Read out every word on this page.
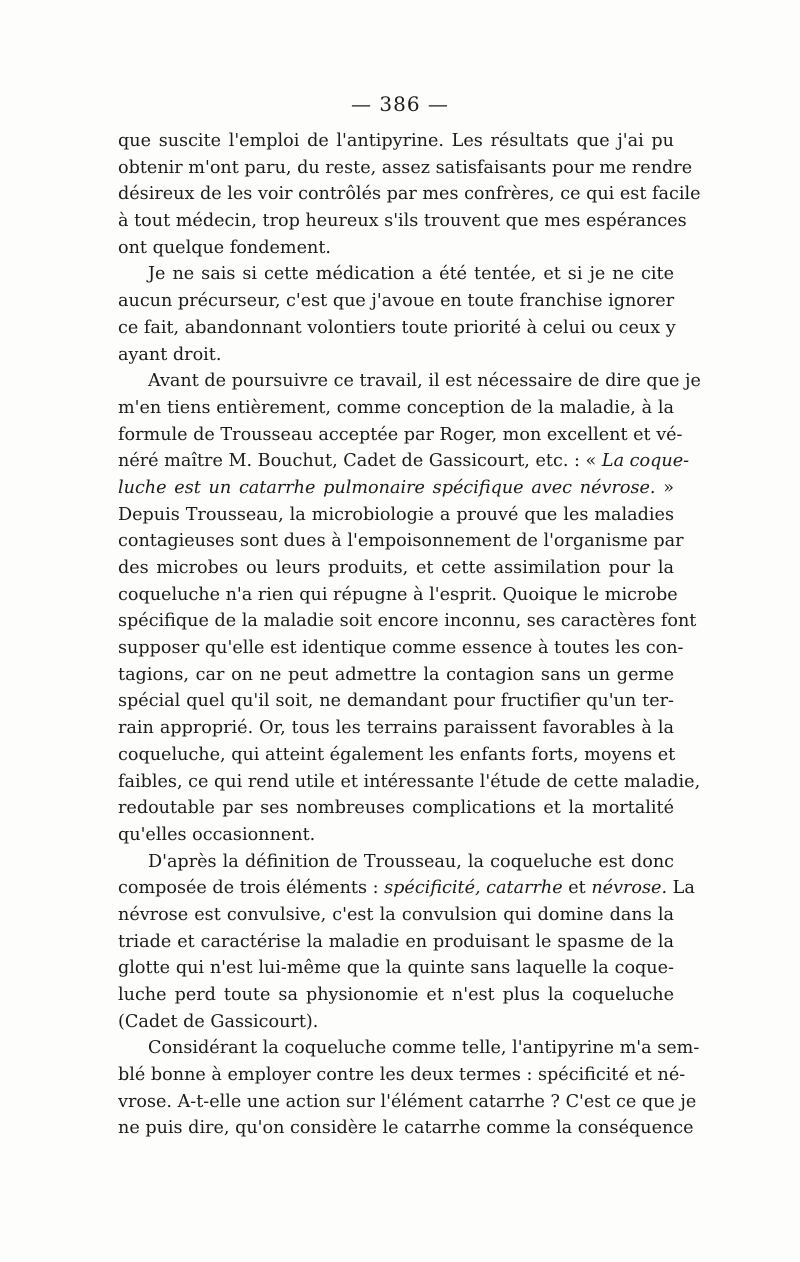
— 386 —
que suscite l'emploi de l'antipyrine. Les résultats que j'ai pu
obtenir m'ont paru, du reste, assez satisfaisants pour me rendre
désireux de les voir contrôlés par mes confrères, ce qui est facile
à tout médecin, trop heureux s'ils trouvent que mes espérances
ont quelque fondement.
Je ne sais si cette médication a été tentée, et si je ne cite
aucun précurseur, c'est que j'avoue en toute franchise ignorer
ce fait, abandonnant volontiers toute priorité à celui ou ceux y
ayant droit.
Avant de poursuivre ce travail, il est nécessaire de dire que je
m'en tiens entièrement, comme conception de la maladie, à la
formule de Trousseau acceptée par Roger, mon excellent et vé-
néré maître M. Bouchut, Cadet de Gassicourt, etc. : « La coque-
luche est un catarrhe pulmonaire spécifique avec névrose. »
Depuis Trousseau, la microbiologie a prouvé que les maladies
contagieuses sont dues à l'empoisonnement de l'organisme par
des microbes ou leurs produits, et cette assimilation pour la
coqueluche n'a rien qui répugne à l'esprit. Quoique le microbe
spécifique de la maladie soit encore inconnu, ses caractères font
supposer qu'elle est identique comme essence à toutes les con-
tagions, car on ne peut admettre la contagion sans un germe
spécial quel qu'il soit, ne demandant pour fructifier qu'un ter-
rain approprié. Or, tous les terrains paraissent favorables à la
coqueluche, qui atteint également les enfants forts, moyens et
faibles, ce qui rend utile et intéressante l'étude de cette maladie,
redoutable par ses nombreuses complications et la mortalité
qu'elles occasionnent.
D'après la définition de Trousseau, la coqueluche est donc
composée de trois éléments : spécificité, catarrhe et névrose. La
névrose est convulsive, c'est la convulsion qui domine dans la
triade et caractérise la maladie en produisant le spasme de la
glotte qui n'est lui-même que la quinte sans laquelle la coque-
luche perd toute sa physionomie et n'est plus la coqueluche
(Cadet de Gassicourt).
Considérant la coqueluche comme telle, l'antipyrine m'a sem-
blé bonne à employer contre les deux termes : spécificité et né-
vrose. A-t-elle une action sur l'élément catarrhe ? C'est ce que je
ne puis dire, qu'on considère le catarrhe comme la conséquence
